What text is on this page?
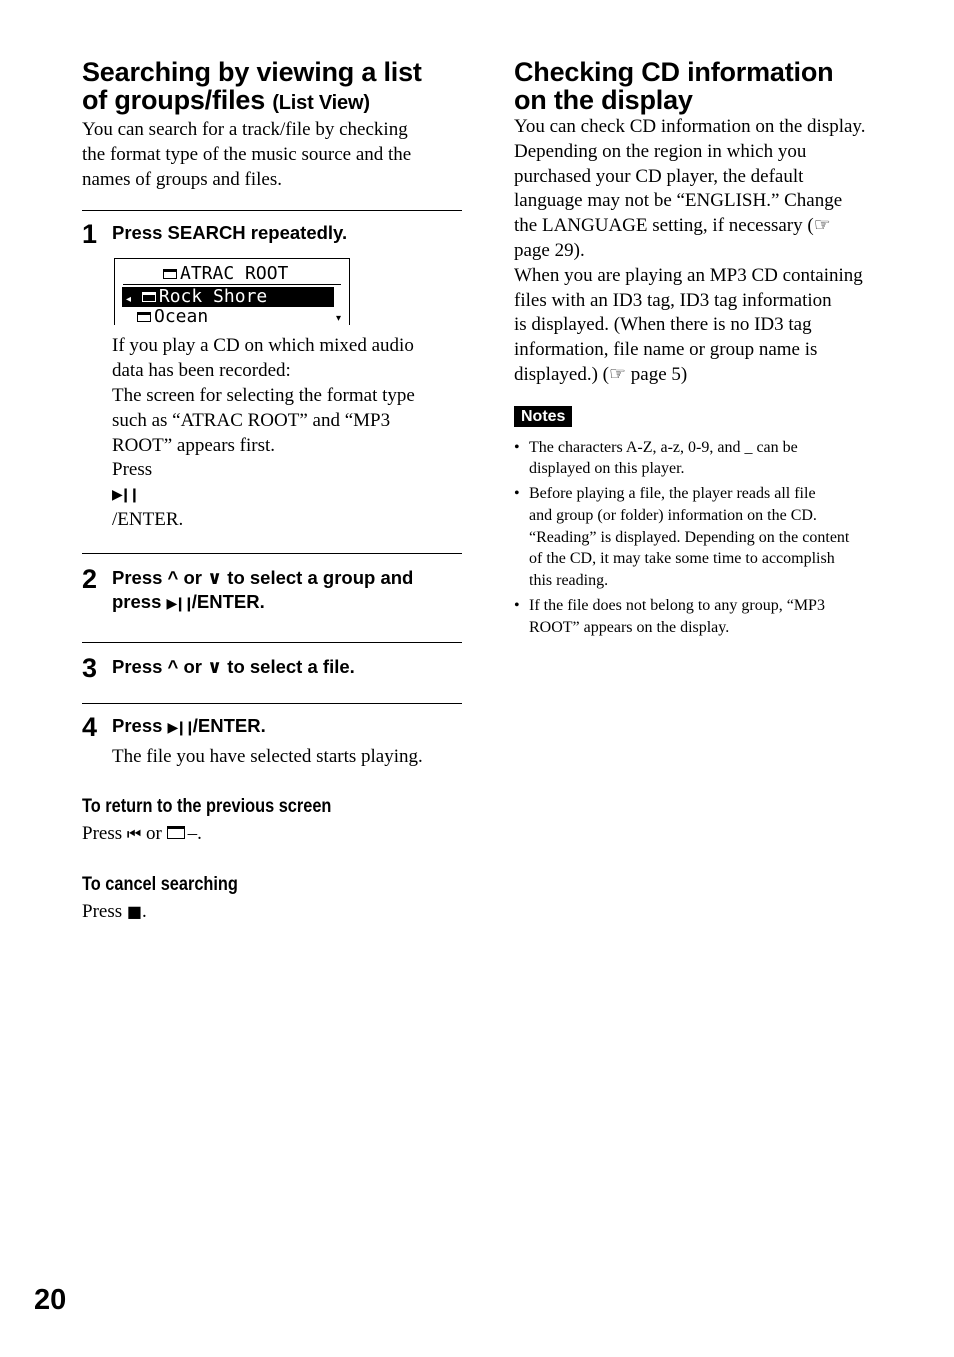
Searching by viewing a list
of groups/files (List View)

You can search for a track/file by checking
the format type of the music source and the
names of groups and files.

1 Press SEARCH repeatedly.
ATRAC ROOT
◂ Rock Shore
Ocean	▾
If you play a CD on which mixed audio
data has been recorded:
The screen for selecting the format type
such as “ATRAC ROOT” and “MP3
ROOT” appears first.
Press
▶❙❙
/ENTER.
2 Press ^ or ∨ to select a group and
press ▶❙❙/ENTER.
3 Press ^ or ∨ to select a file.
4 Press ▶❙❙/ENTER.
The file you have selected starts playing.
To return to the previous screen

Press ⏮ or –.

To cancel searching

Press ■.

Checking CD information
on the display

You can check CD information on the display.
Depending on the region in which you
purchased your CD player, the default
language may not be “ENGLISH.” Change
the LANGUAGE setting, if necessary (☞
page 29).
When you are playing an MP3 CD containing
files with an ID3 tag, ID3 tag information
is displayed. (When there is no ID3 tag
information, file name or group name is
displayed.) (☞ page 5)

Notes
• The characters A-Z, a-z, 0-9, and _ can be
displayed on this player.
• Before playing a file, the player reads all file
and group (or folder) information on the CD.
“Reading” is displayed. Depending on the content
of the CD, it may take some time to accomplish
this reading.
• If the file does not belong to any group, “MP3
ROOT” appears on the display.
20
